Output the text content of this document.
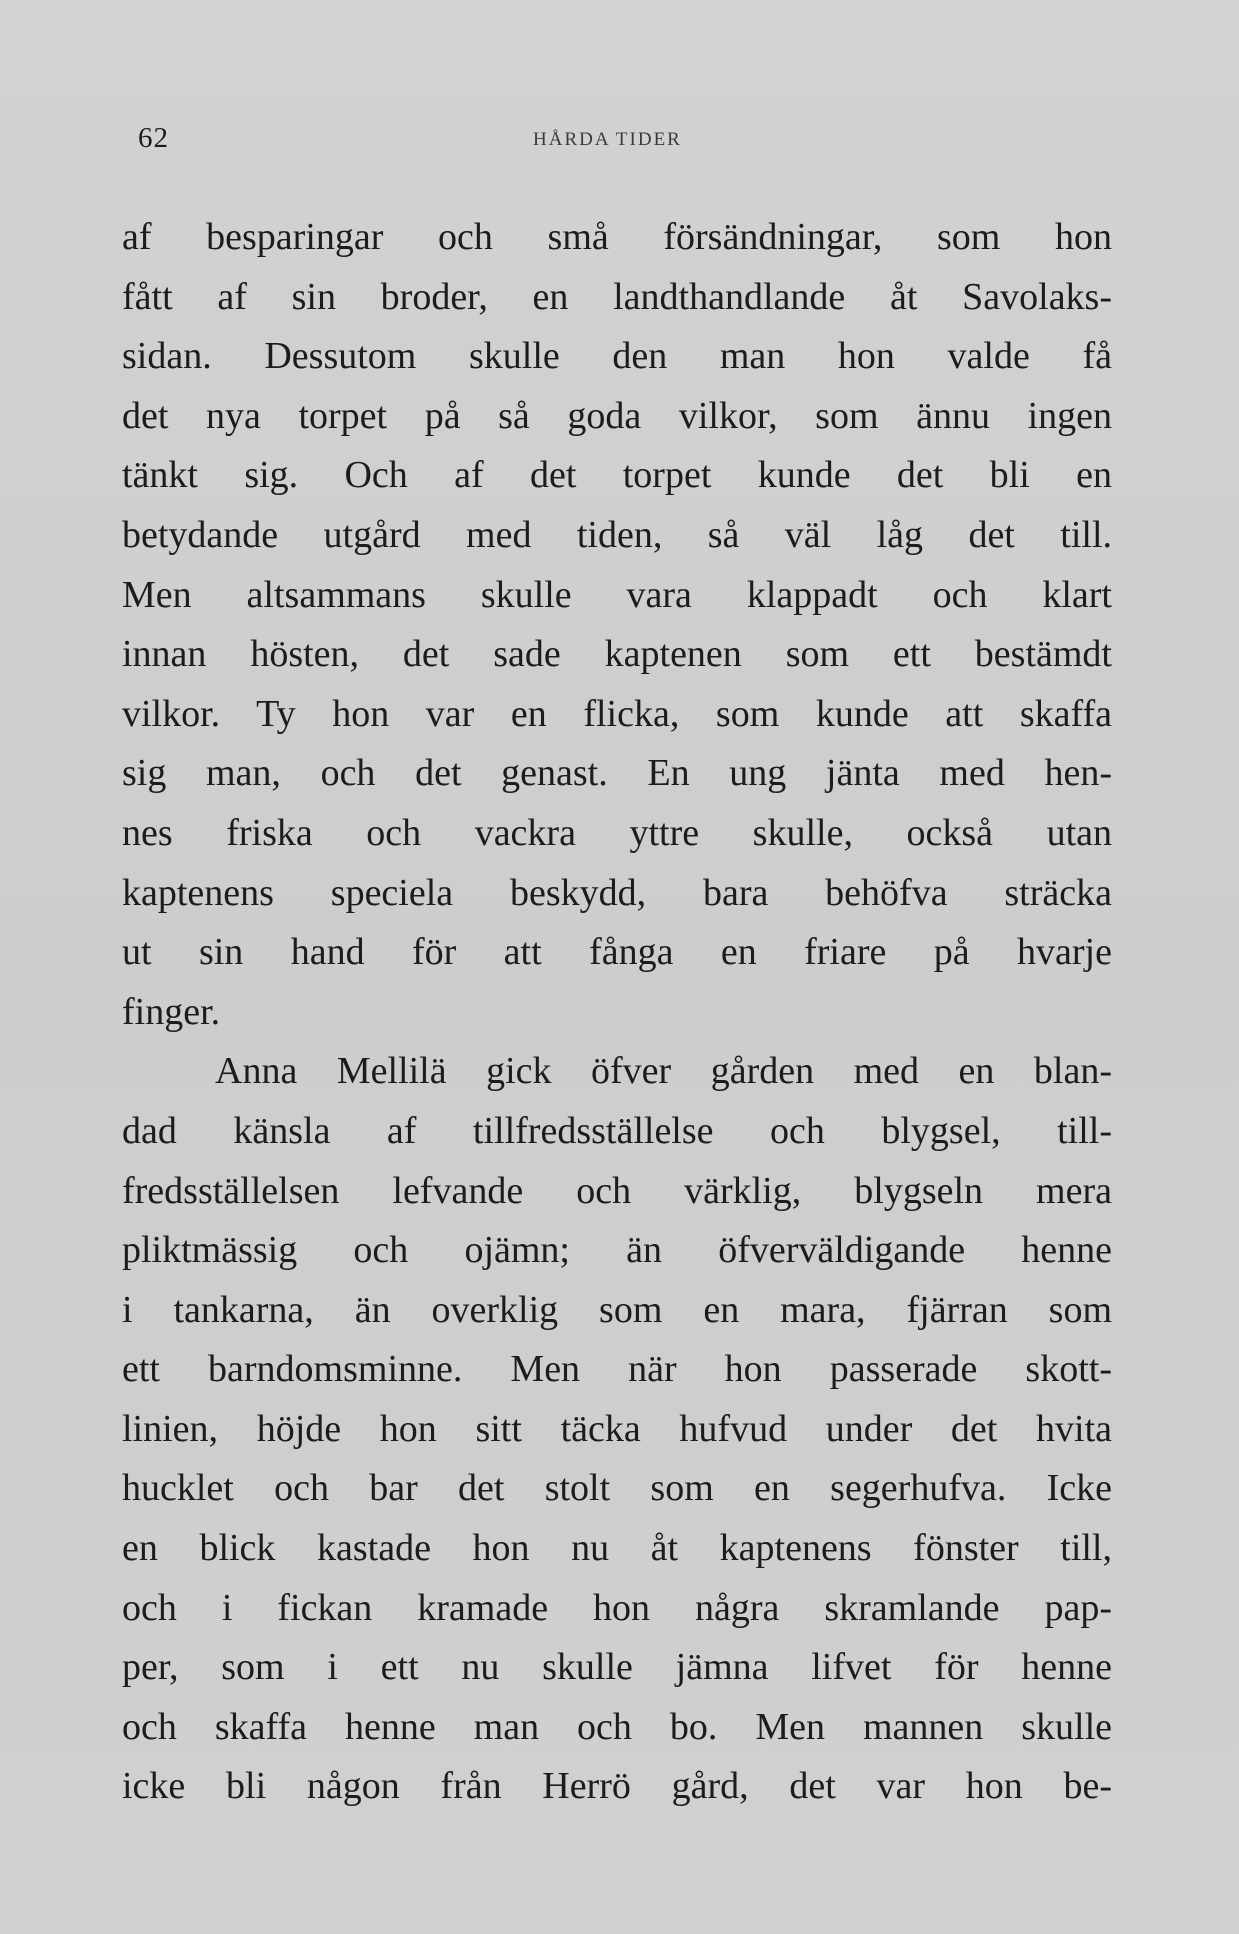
62	HÅRDA TIDER
af besparingar och små försändningar, som hon
fått af sin broder, en landthandlande åt Savolaks-
sidan. Dessutom skulle den man hon valde få
det nya torpet på så goda vilkor, som ännu ingen
tänkt sig. Och af det torpet kunde det bli en
betydande utgård med tiden, så väl låg det till.
Men altsammans skulle vara klappadt och klart
innan hösten, det sade kaptenen som ett bestämdt
vilkor. Ty hon var en flicka, som kunde att skaffa
sig man, och det genast. En ung jänta med hen-
nes friska och vackra yttre skulle, också utan
kaptenens speciela beskydd, bara behöfva sträcka
ut sin hand för att fånga en friare på hvarje
finger.
Anna Mellilä gick öfver gården med en blan-
dad känsla af tillfredsställelse och blygsel, till-
fredsställelsen lefvande och värklig, blygseln mera
pliktmässig och ojämn; än öfverväldigande henne
i tankarna, än overklig som en mara, fjärran som
ett barndomsminne. Men när hon passerade skott-
linien, höjde hon sitt täcka hufvud under det hvita
hucklet och bar det stolt som en segerhufva. Icke
en blick kastade hon nu åt kaptenens fönster till,
och i fickan kramade hon några skramlande pap-
per, som i ett nu skulle jämna lifvet för henne
och skaffa henne man och bo. Men mannen skulle
icke bli någon från Herrö gård, det var hon be-
